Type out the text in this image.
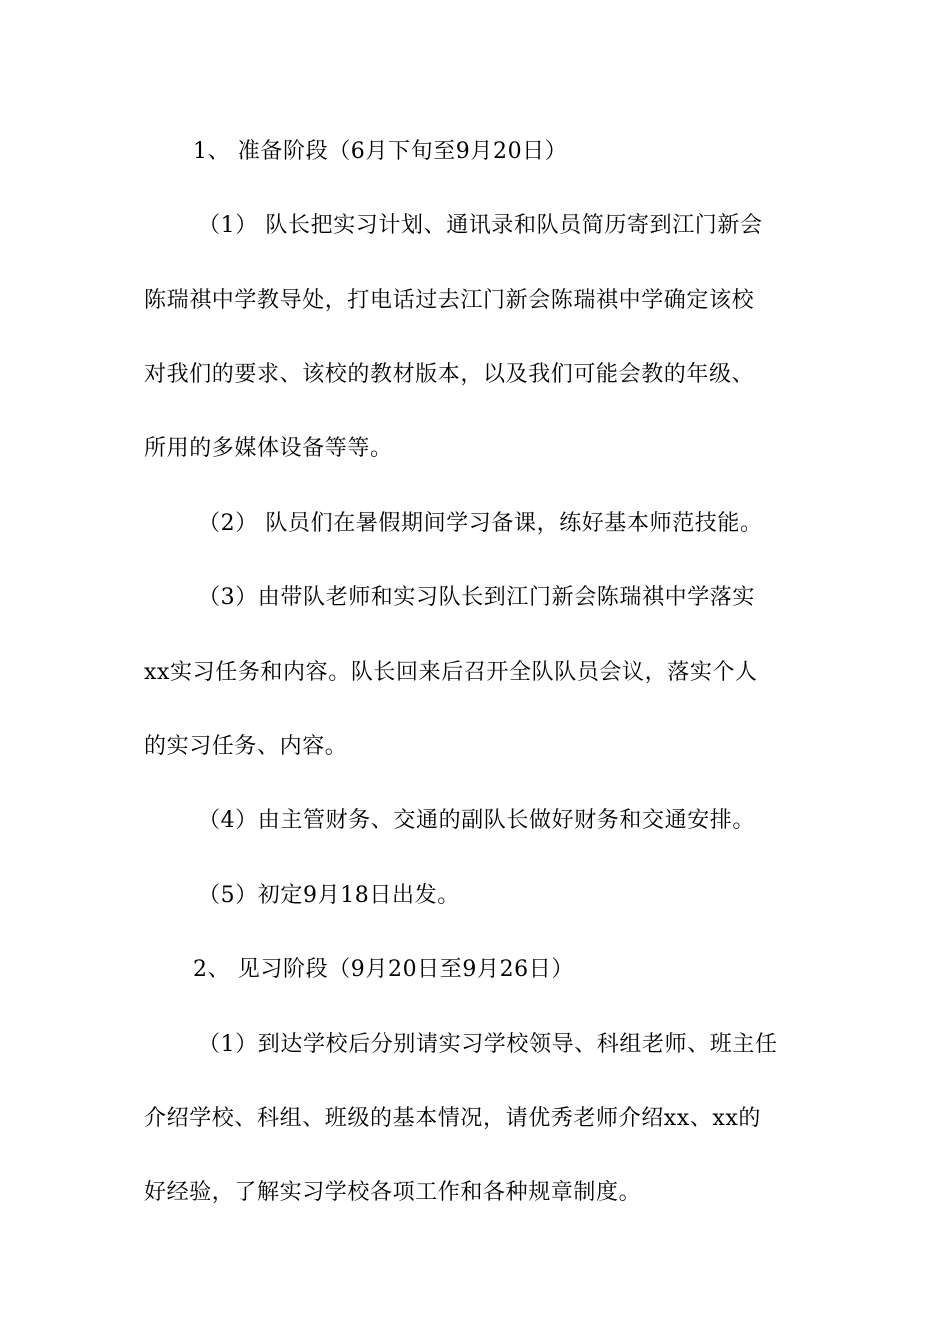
1、 准备阶段（6月下旬至9月20日）
（1） 队长把实习计划、通讯录和队员简历寄到江门新会
陈瑞祺中学教导处，打电话过去江门新会陈瑞祺中学确定该校
对我们的要求、该校的教材版本，以及我们可能会教的年级、
所用的多媒体设备等等。
（2） 队员们在暑假期间学习备课，练好基本师范技能。
（3）由带队老师和实习队长到江门新会陈瑞祺中学落实
xx实习任务和内容。队长回来后召开全队队员会议，落实个人
的实习任务、内容。
（4）由主管财务、交通的副队长做好财务和交通安排。
（5）初定9月18日出发。
2、 见习阶段（9月20日至9月26日）
（1）到达学校后分别请实习学校领导、科组老师、班主任
介绍学校、科组、班级的基本情况，请优秀老师介绍xx、xx的
好经验，了解实习学校各项工作和各种规章制度。
